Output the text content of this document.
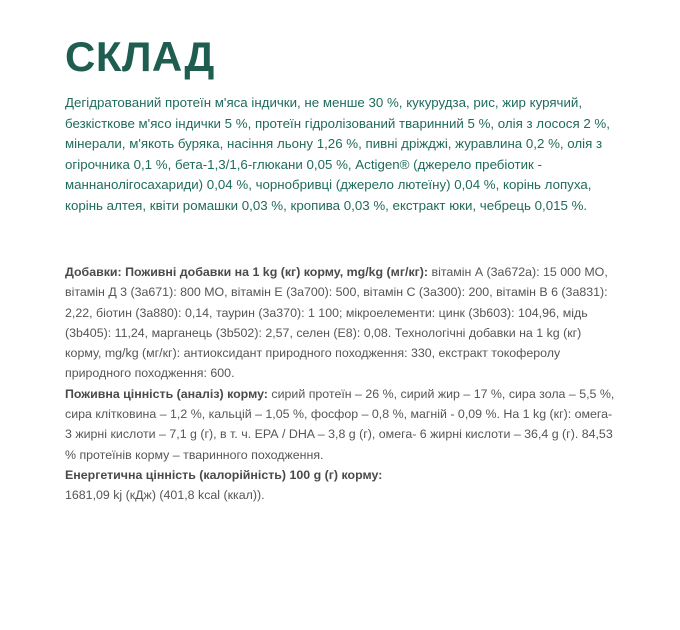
СКЛАД

Дегідратований протеїн м'яса індички, не менше 30 %, кукурудза, рис, жир курячий, безкісткове м'ясо індички 5 %, протеїн гідролізований тваринний 5 %, олія з лосося 2 %, мінерали, м'якоть буряка, насіння льону 1,26 %, пивні дріжджі, журавлина 0,2 %, олія з огірочника 0,1 %, бета-1,3/1,6-глюкани 0,05 %, Actigen® (джерело пребіотик - маннанолігосахариди) 0,04 %, чорнобривці (джерело лютеїну) 0,04 %, корінь лопуха, корінь алтея, квіти ромашки 0,03 %, кропива 0,03 %, екстракт юки, чебрець 0,015 %.

Добавки: Поживні добавки на 1 kg (кг) корму, mg/kg (мг/кг): вітамін А (3a672a): 15 000 МО, вітамін Д 3 (3a671): 800 МО, вітамін Е (3a700): 500, вітамін С (3a300): 200, вітамін В 6 (3a831): 2,22, біотин (3a880): 0,14, таурин (3a370): 1 100; мікроелементи: цинк (3b603): 104,96, мідь (3b405): 11,24, марганець (3b502): 2,57, селен (E8): 0,08. Технологічні добавки на 1 kg (кг) корму, mg/kg (мг/кг): антиоксидант природного походження: 330, екстракт токоферолу природного походження: 600.

Поживна цінність (аналіз) корму: сирий протеїн – 26 %, сирий жир – 17 %, сира зола – 5,5 %, сира клітковина – 1,2 %, кальцій – 1,05 %, фосфор – 0,8 %, магній - 0,09 %. На 1 kg (кг): омега- 3 жирні кислоти – 7,1 g (г), в т. ч. ЕРА / DHA – 3,8 g (г), омега- 6 жирні кислоти – 36,4 g (г). 84,53 % протеїнів корму – тваринного походження.

Енергетична цінність (калорійність) 100 g (г) корму:
1681,09 kj (кДж) (401,8 kcal (ккал)).
